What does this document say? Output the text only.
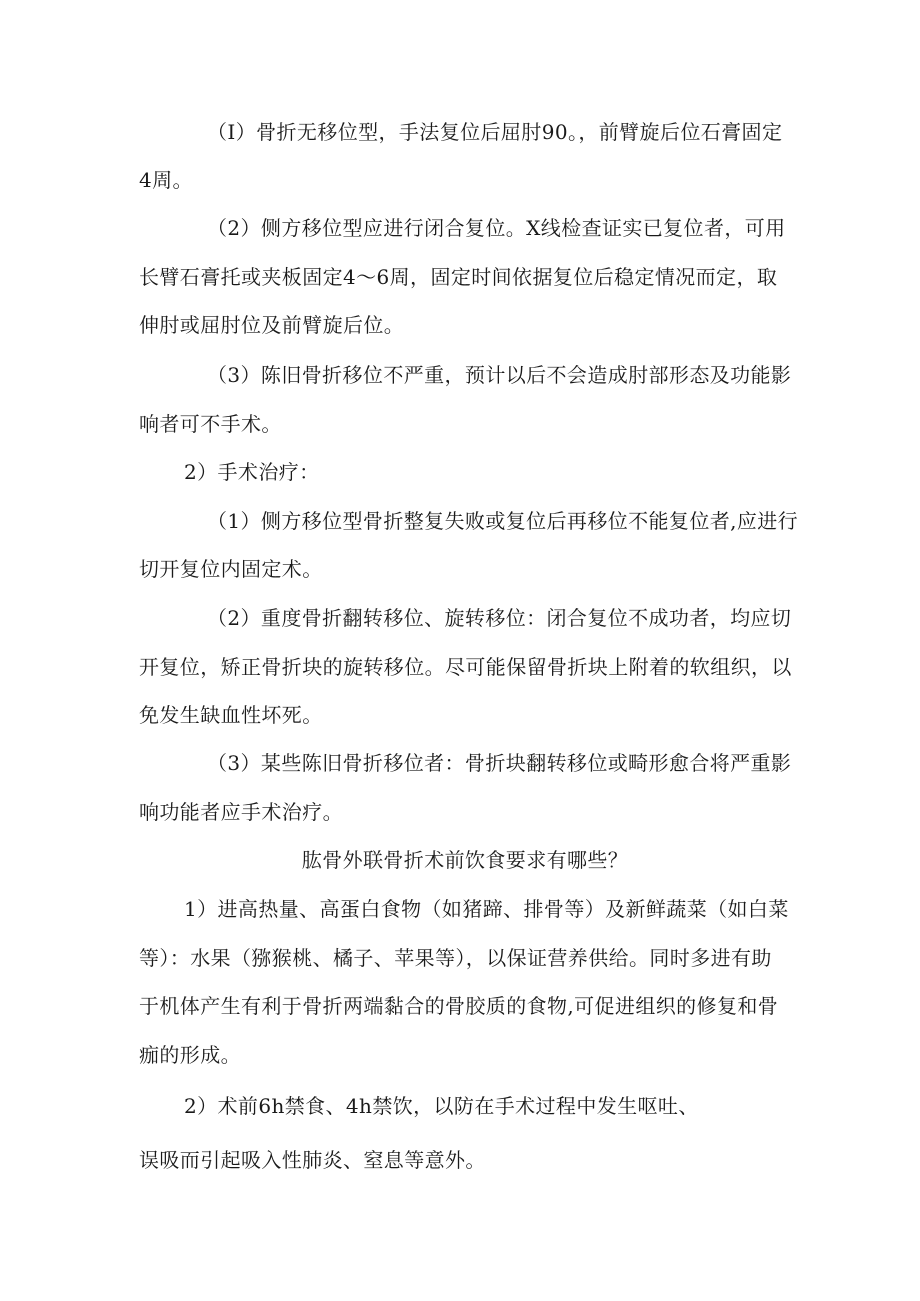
（I）骨折无移位型，手法复位后屈肘90。，前臂旋后位石膏固定
4周。
（2）侧方移位型应进行闭合复位。X线检查证实已复位者，可用
长臂石膏托或夹板固定4～6周，固定时间依据复位后稳定情况而定，取
伸肘或屈肘位及前臂旋后位。
（3）陈旧骨折移位不严重，预计以后不会造成肘部形态及功能影
响者可不手术。
2）手术治疗：
（1）侧方移位型骨折整复失败或复位后再移位不能复位者,应进行
切开复位内固定术。
（2）重度骨折翻转移位、旋转移位：闭合复位不成功者，均应切
开复位，矫正骨折块的旋转移位。尽可能保留骨折块上附着的软组织，以
免发生缺血性坏死。
（3）某些陈旧骨折移位者：骨折块翻转移位或畸形愈合将严重影
响功能者应手术治疗。
肱骨外联骨折术前饮食要求有哪些？
1）进高热量、高蛋白食物（如猪蹄、排骨等）及新鲜蔬菜（如白菜
等）：水果（猕猴桃、橘子、苹果等），以保证营养供给。同时多进有助
于机体产生有利于骨折两端黏合的骨胶质的食物,可促进组织的修复和骨
痂的形成。
2）术前6h禁食、4h禁饮，以防在手术过程中发生呕吐、
误吸而引起吸入性肺炎、窒息等意外。
